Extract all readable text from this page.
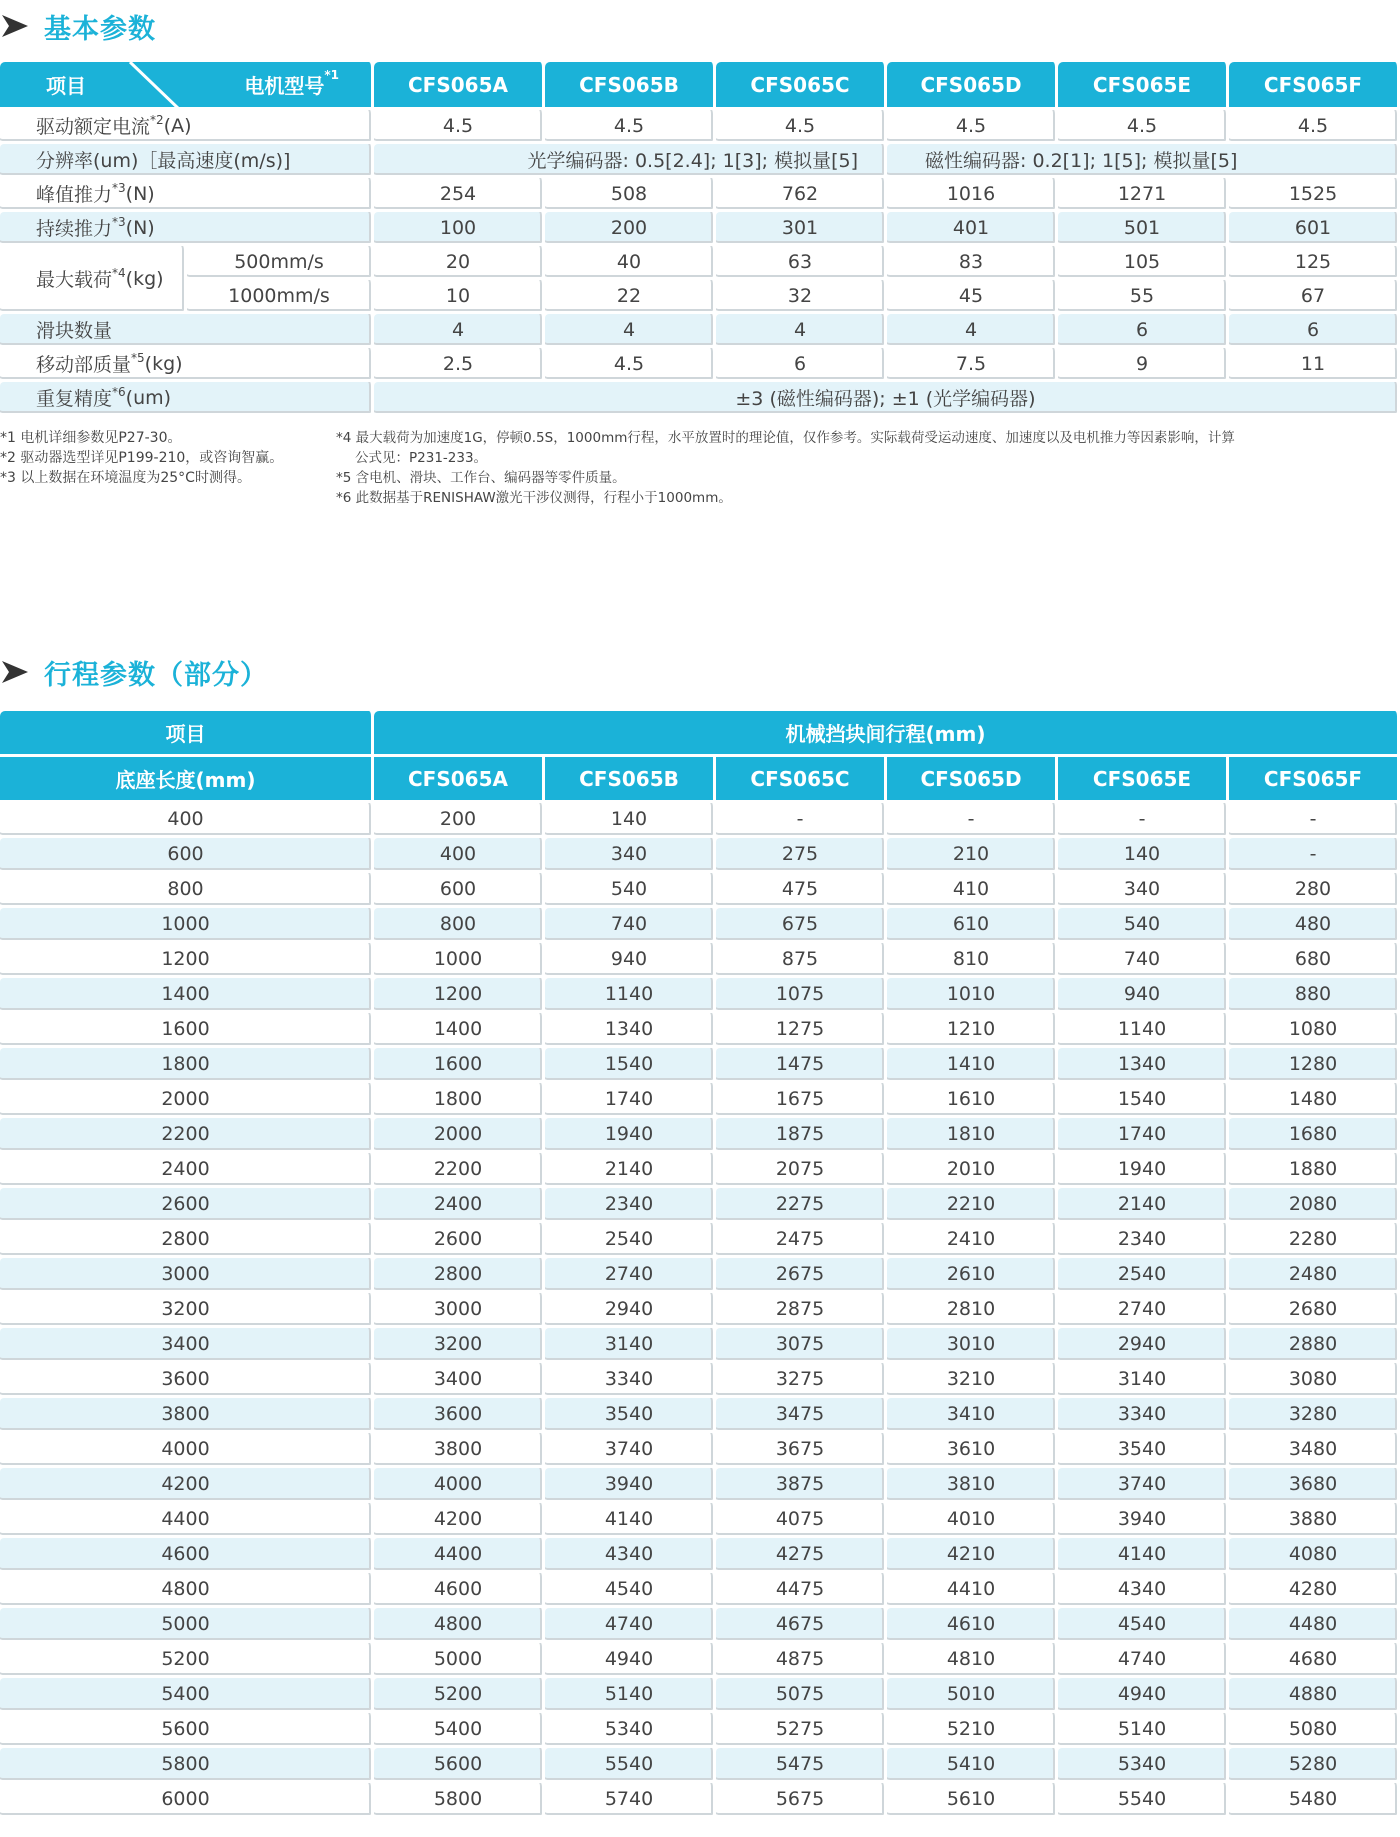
基本参数
项目	电机型号$^{*1}$	CFS065A	CFS065B	CFS065C	CFS065D	CFS065E	CFS065F
驱动额定电流$^{*2}$ (A)	4.5	4.5	4.5	4.5	4.5	4.5
分辨率(um)［最高速度(m/s)]	光学编码器: 0.5[2.4]; 1[3]; 模拟量[5]	磁性编码器: 0.2[1]; 1[5]; 模拟量[5]
峰值推力$^{*3}$ (N)	254	508	762	1016	1271	1525
持续推力$^{*3}$ (N)	100	200	301	401	501	601
最大载荷$^{*4}$ (kg)
500mm/s	20	40	63	83	105	125
1000mm/s	10	22	32	45	55	67
滑块数量	4	4	4	4	6	6
移动部质量$^{*5}$ (kg)	2.5	4.5	6	7.5	9	11
重复精度$^{*6}$ (um)	±3 (磁性编码器); ±1 (光学编码器)
*1 电机详细参数见P27-30。
*2 驱动器选型详见P199-210，或咨询智赢。
*3 以上数据在环境温度为25°C时测得。
*4 最大载荷为加速度1G，停顿0.5S，1000mm行程，水平放置时的理论值，仅作参考。实际载荷受运动速度、加速度以及电机推力等因素影响，计算
公式见：P231-233。
*5 含电机、滑块、工作台、编码器等零件质量。
*6 此数据基于RENISHAW激光干涉仪测得，行程小于1000mm。
行程参数（部分）
项目	机械挡块间行程(mm)
底座长度(mm)	CFS065A	CFS065B	CFS065C	CFS065D	CFS065E	CFS065F
400	200	140	-	-	-	-
600	400	340	275	210	140	-
800	600	540	475	410	340	280
1000	800	740	675	610	540	480
1200	1000	940	875	810	740	680
1400	1200	1140	1075	1010	940	880
1600	1400	1340	1275	1210	1140	1080
1800	1600	1540	1475	1410	1340	1280
2000	1800	1740	1675	1610	1540	1480
2200	2000	1940	1875	1810	1740	1680
2400	2200	2140	2075	2010	1940	1880
2600	2400	2340	2275	2210	2140	2080
2800	2600	2540	2475	2410	2340	2280
3000	2800	2740	2675	2610	2540	2480
3200	3000	2940	2875	2810	2740	2680
3400	3200	3140	3075	3010	2940	2880
3600	3400	3340	3275	3210	3140	3080
3800	3600	3540	3475	3410	3340	3280
4000	3800	3740	3675	3610	3540	3480
4200	4000	3940	3875	3810	3740	3680
4400	4200	4140	4075	4010	3940	3880
4600	4400	4340	4275	4210	4140	4080
4800	4600	4540	4475	4410	4340	4280
5000	4800	4740	4675	4610	4540	4480
5200	5000	4940	4875	4810	4740	4680
5400	5200	5140	5075	5010	4940	4880
5600	5400	5340	5275	5210	5140	5080
5800	5600	5540	5475	5410	5340	5280
6000	5800	5740	5675	5610	5540	5480
